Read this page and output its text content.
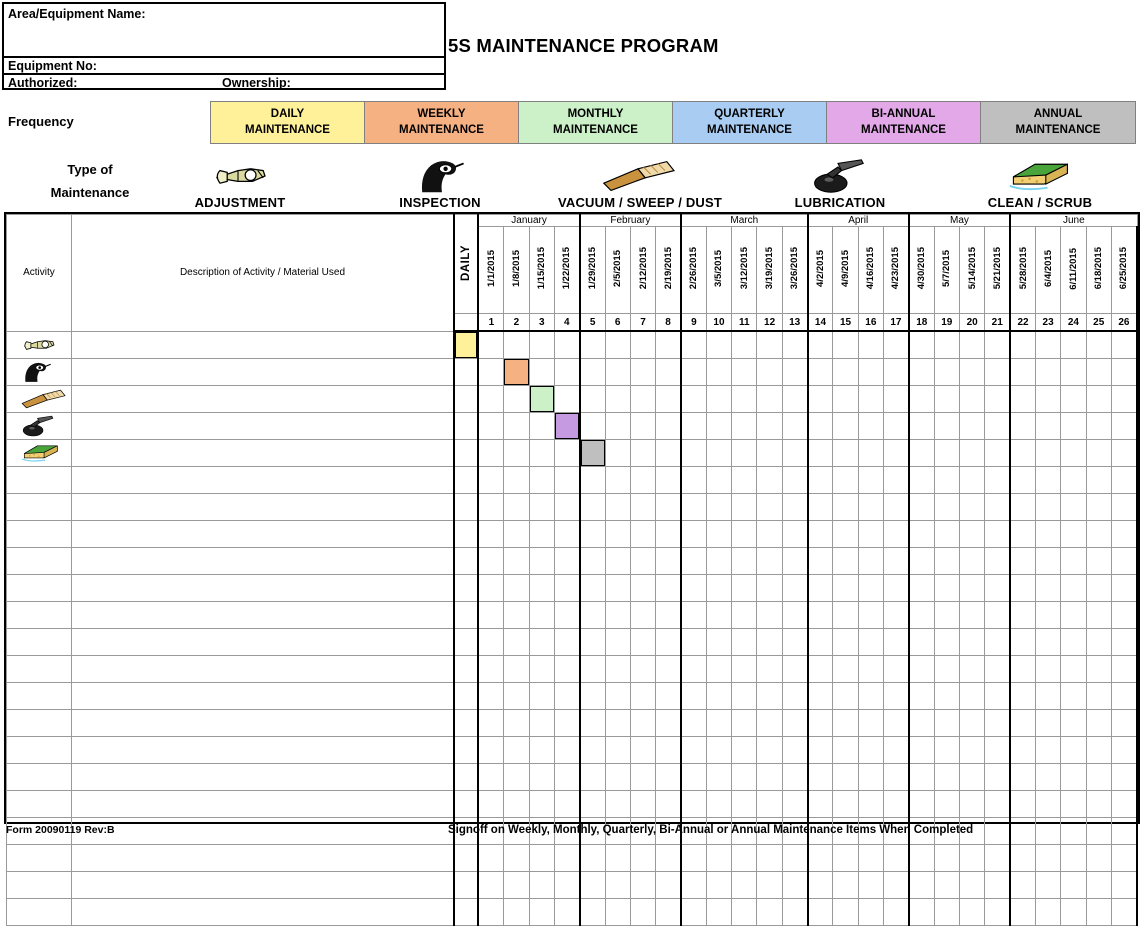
Area/Equipment Name:
Equipment No:
Authorized:	Ownership:
5S MAINTENANCE PROGRAM
Frequency
DAILY
MAINTENANCE
WEEKLY
MAINTENANCE
MONTHLY
MAINTENANCE
QUARTERLY
MAINTENANCE
BI-ANNUAL
MAINTENANCE
ANNUAL
MAINTENANCE
Type of
Maintenance
ADJUSTMENT	INSPECTION	VACUUM / SWEEP / DUST	LUBRICATION	CLEAN / SCRUB
Activity	Description of Activity / Material Used	DAILY	January				February				March					April				May				June				
			1/1/2015	1/8/2015	1/15/2015	1/22/2015	1/29/2015	2/5/2015	2/12/2015	2/19/2015	2/26/2015	3/5/2015	3/12/2015	3/19/2015	3/26/2015	4/2/2015	4/9/2015	4/16/2015	4/23/2015	4/30/2015	5/7/2015	5/14/2015	5/21/2015	5/28/2015	6/4/2015	6/11/2015	6/18/2015	6/25/2015
			1	2	3	4	5	6	7	8	9	10	11	12	13	14	15	16	17	18	19	20	21	22	23	24	25	26

Form 20090119 Rev:B	Signoff on Weekly, Monthly, Quarterly, Bi-Annual or Annual Maintenance Items When Completed
